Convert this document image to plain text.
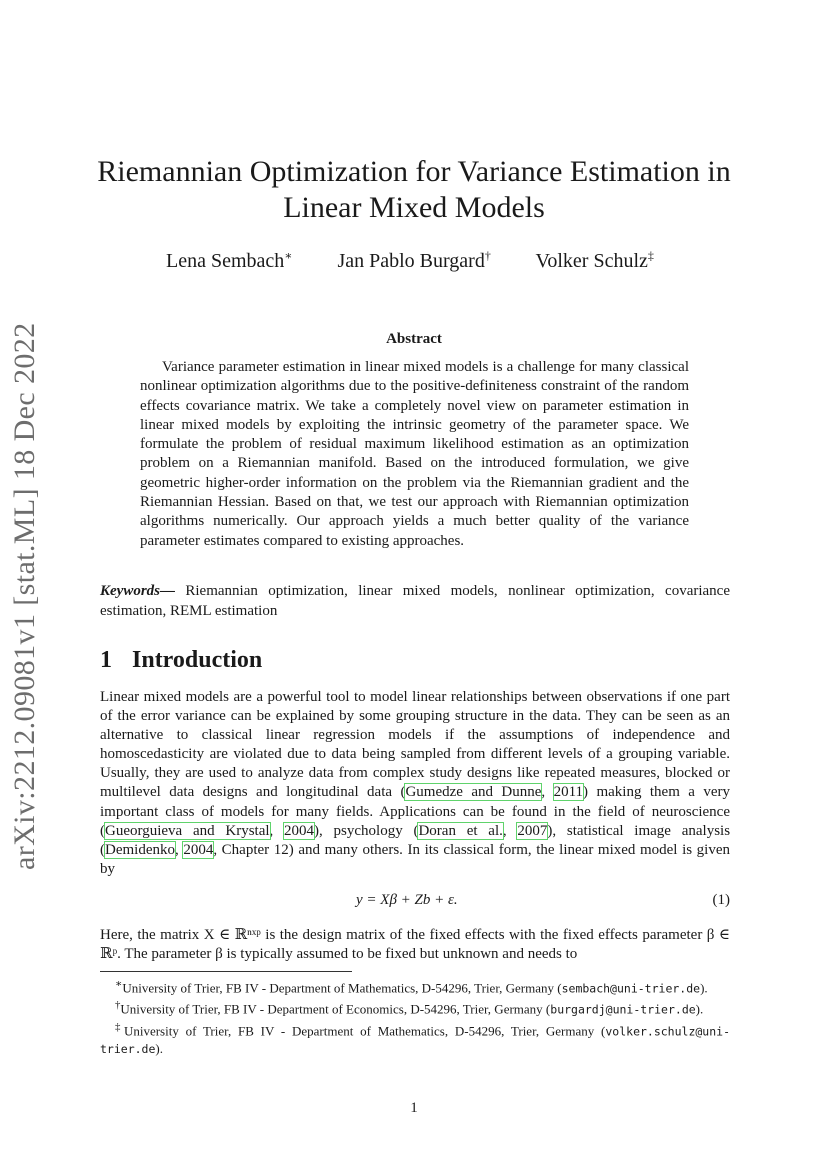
arXiv:2212.09081v1 [stat.ML] 18 Dec 2022
Riemannian Optimization for Variance Estimation in
Linear Mixed Models
Lena Sembach∗ Jan Pablo Burgard† Volker Schulz‡
Abstract

Variance parameter estimation in linear mixed models is a challenge for many classical nonlinear optimization algorithms due to the positive-definiteness constraint of the random effects covariance matrix. We take a completely novel view on parameter estimation in linear mixed models by exploiting the intrinsic geometry of the parameter space. We formulate the problem of residual maximum likelihood estimation as an optimization problem on a Riemannian manifold. Based on the introduced formulation, we give geometric higher-order information on the problem via the Riemannian gradient and the Riemannian Hessian. Based on that, we test our approach with Riemannian optimization algorithms numerically. Our approach yields a much better quality of the variance parameter estimates compared to existing approaches.

Keywords— Riemannian optimization, linear mixed models, nonlinear optimization, covariance estimation, REML estimation

1 Introduction

Linear mixed models are a powerful tool to model linear relationships between observations if one part of the error variance can be explained by some grouping structure in the data. They can be seen as an alternative to classical linear regression models if the assumptions of independence and homoscedasticity are violated due to data being sampled from different levels of a grouping variable. Usually, they are used to analyze data from complex study designs like repeated measures, blocked or multilevel data designs and longitudinal data (Gumedze and Dunne, 2011) making them a very important class of models for many fields. Applications can be found in the field of neuroscience (Gueorguieva and Krystal, 2004), psychology (Doran et al., 2007), statistical image analysis (Demidenko, 2004, Chapter 12) and many others. In its classical form, the linear mixed model is given by

y = Xβ + Zb + ε.	(1)

Here, the matrix X ∈ ℝⁿˣᵖ is the design matrix of the fixed effects with the fixed effects parameter β ∈ ℝᵖ. The parameter β is typically assumed to be fixed but unknown and needs to

∗University of Trier, FB IV - Department of Mathematics, D-54296, Trier, Germany (sembach@uni-trier.de).

†University of Trier, FB IV - Department of Economics, D-54296, Trier, Germany (burgardj@uni-trier.de).

‡University of Trier, FB IV - Department of Mathematics, D-54296, Trier, Germany (volker.schulz@uni-trier.de).

1
